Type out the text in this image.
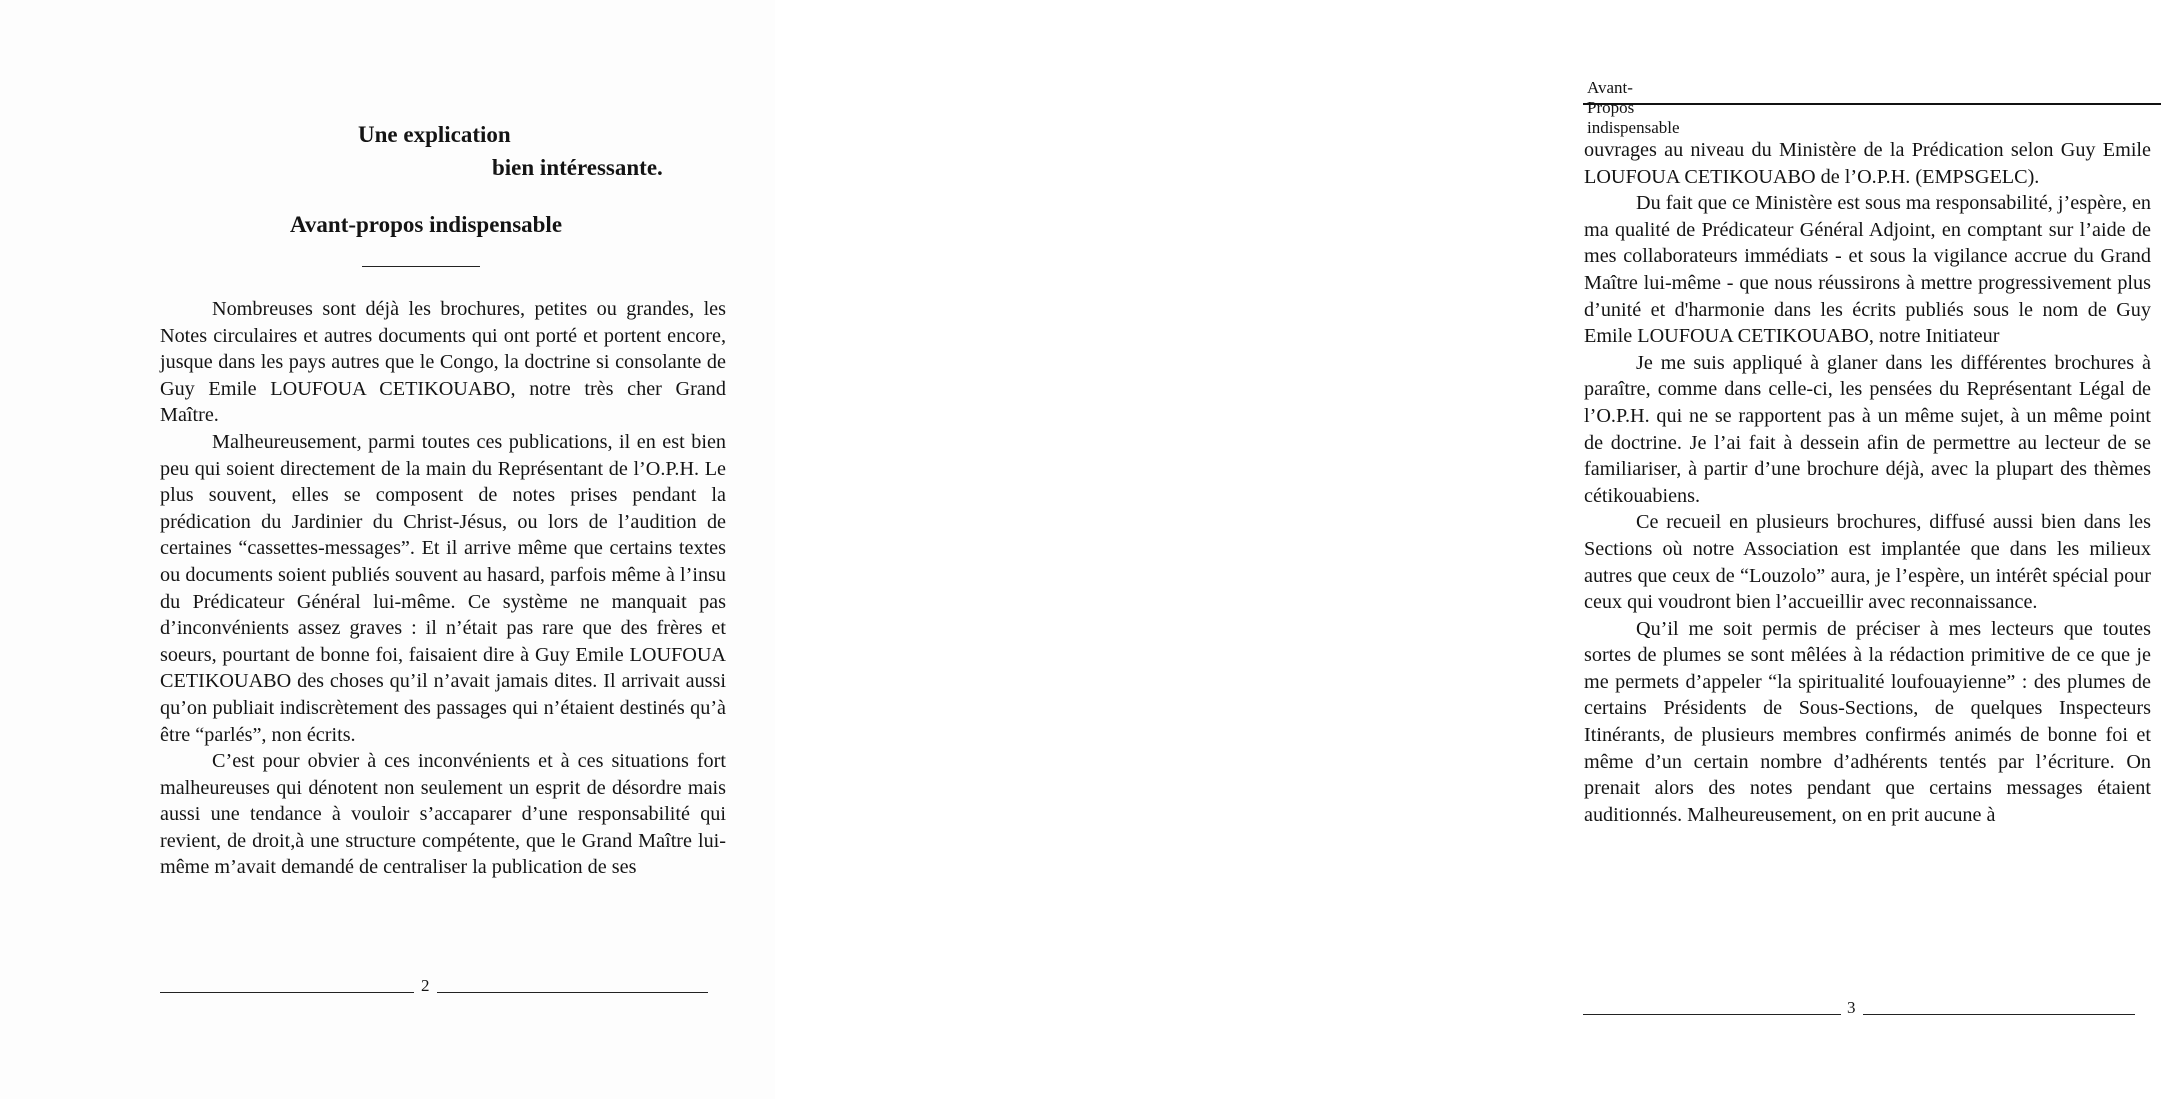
Une explication
bien intéressante.
Avant-propos indispensable

Nombreuses sont déjà les brochures, petites ou grandes, les Notes circulaires et autres documents qui ont porté et portent encore, jusque dans les pays autres que le Congo, la doctrine si consolante de Guy Emile LOUFOUA CETIKOUABO, notre très cher Grand Maître.

Malheureusement, parmi toutes ces publications, il en est bien peu qui soient directement de la main du Représentant de l’O.P.H. Le plus souvent, elles se composent de notes prises pendant la prédication du Jardinier du Christ-Jésus, ou lors de l’audition de certaines “cassettes-messages”. Et il arrive même que certains textes ou documents soient publiés souvent au hasard, parfois même à l’insu du Prédicateur Général lui-même. Ce système ne manquait pas d’inconvénients assez graves : il n’était pas rare que des frères et soeurs, pourtant de bonne foi, faisaient dire à Guy Emile LOUFOUA CETIKOUABO des choses qu’il n’avait jamais dites. Il arrivait aussi qu’on publiait indiscrètement des passages qui n’étaient destinés qu’à être “parlés”, non écrits.

C’est pour obvier à ces inconvénients et à ces situations fort malheureuses qui dénotent non seulement un esprit de désordre mais aussi une tendance à vouloir s’accaparer d’une responsabilité qui revient, de droit,à une structure compétente, que le Grand Maître lui-même m’avait demandé de centraliser la publication de ses

2
Avant-Propos indispensable

ouvrages au niveau du Ministère de la Prédication selon Guy Emile LOUFOUA CETIKOUABO de l’O.P.H. (EMPSGELC).

Du fait que ce Ministère est sous ma responsabilité, j’espère, en ma qualité de Prédicateur Général Adjoint, en comptant sur l’aide de mes collaborateurs immédiats - et sous la vigilance accrue du Grand Maître lui-même - que nous réussirons à mettre progressivement plus d’unité et d'harmonie dans les écrits publiés sous le nom de Guy Emile LOUFOUA CETIKOUABO, notre Initiateur

Je me suis appliqué à glaner dans les différentes brochures à paraître, comme dans celle-ci, les pensées du Représentant Légal de l’O.P.H. qui ne se rapportent pas à un même sujet, à un même point de doctrine. Je l’ai fait à dessein afin de permettre au lecteur de se familiariser, à partir d’une brochure déjà, avec la plupart des thèmes cétikouabiens.

Ce recueil en plusieurs brochures, diffusé aussi bien dans les Sections où notre Association est implantée que dans les milieux autres que ceux de “Louzolo” aura, je l’espère, un intérêt spécial pour ceux qui voudront bien l’accueillir avec reconnaissance.

Qu’il me soit permis de préciser à mes lecteurs que toutes sortes de plumes se sont mêlées à la rédaction primitive de ce que je me permets d’appeler “la spiritualité loufouayienne” : des plumes de certains Présidents de Sous-Sections, de quelques Inspecteurs Itinérants, de plusieurs membres confirmés animés de bonne foi et même d’un certain nombre d’adhérents tentés par l’écriture. On prenait alors des notes pendant que certains messages étaient auditionnés. Malheureusement, on en prit aucune à

3
